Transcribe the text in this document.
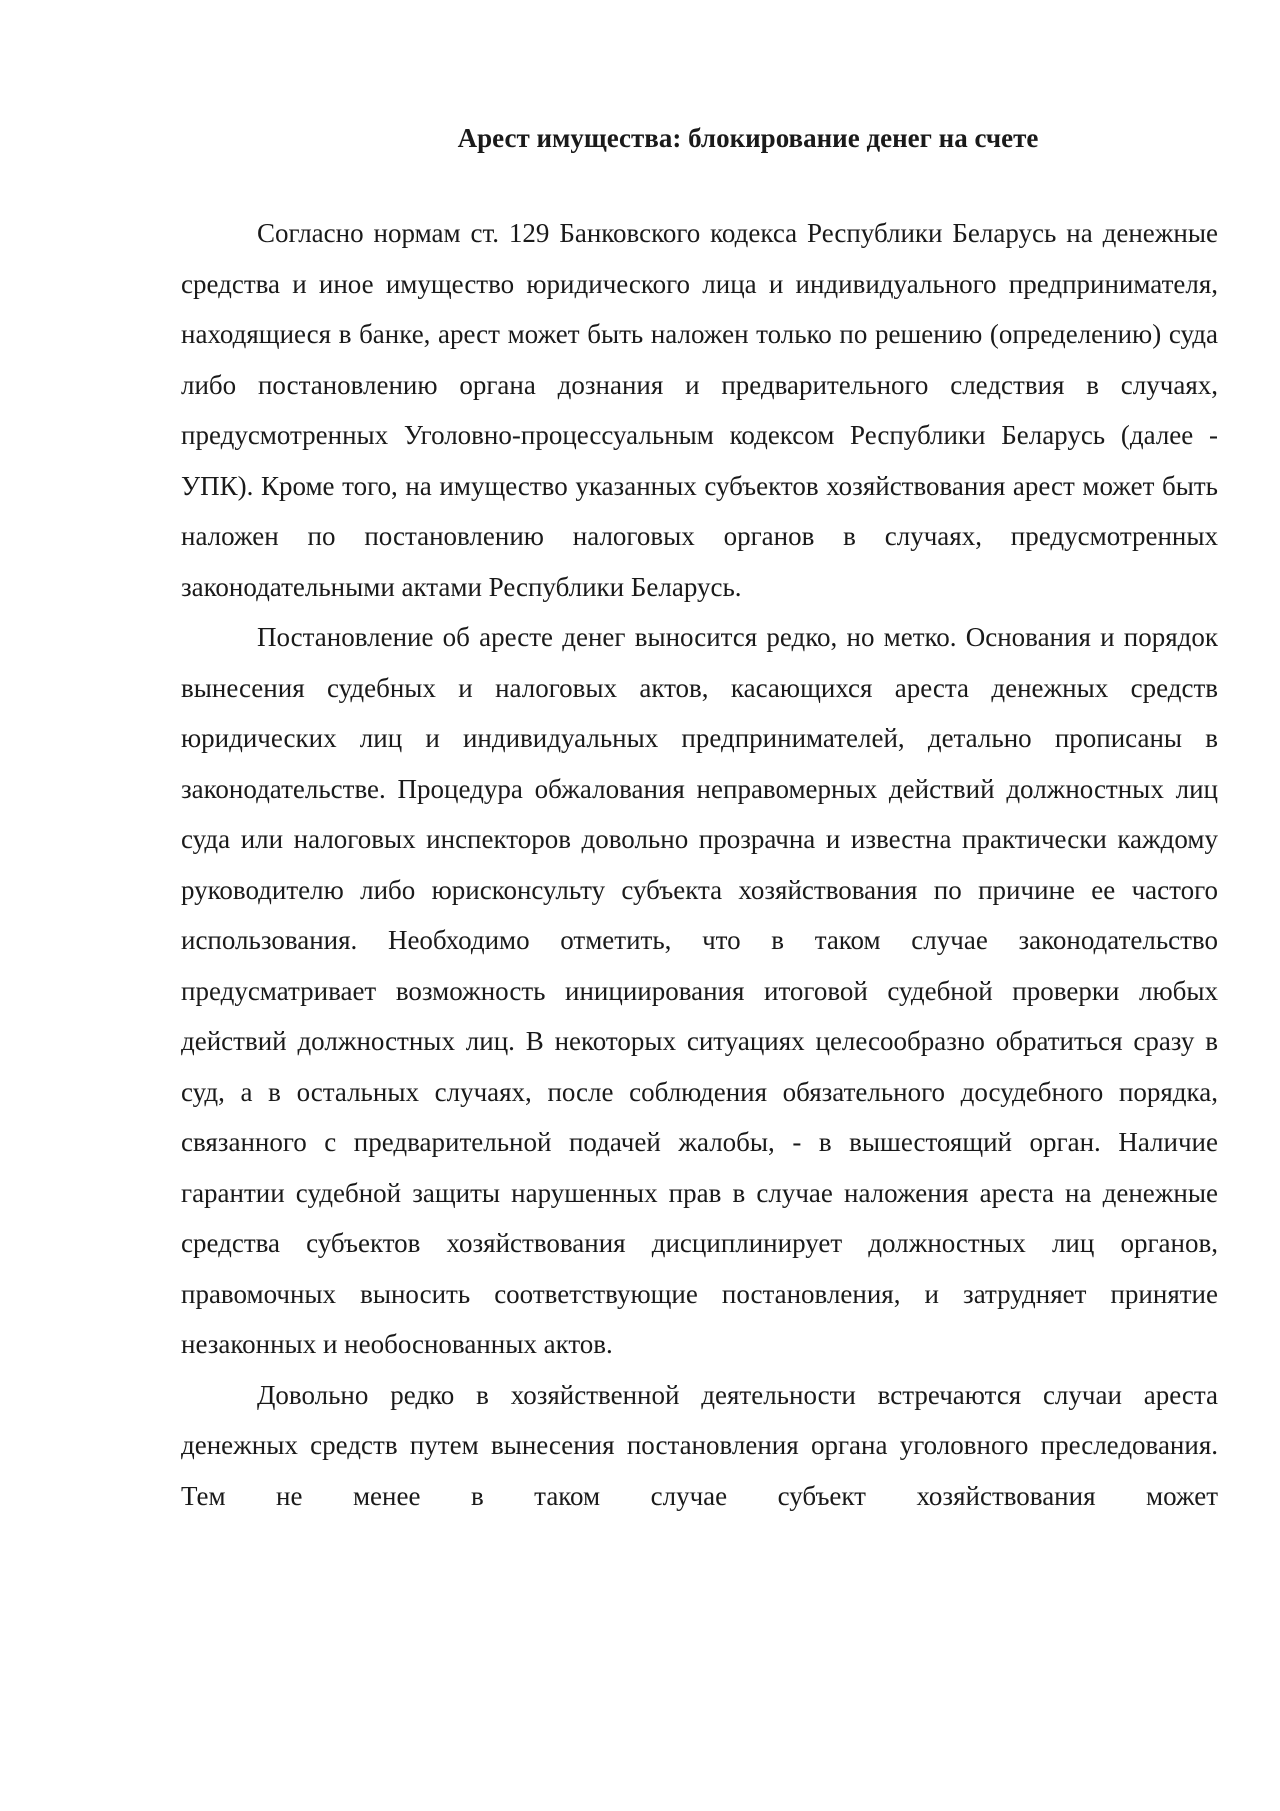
Арест имущества: блокирование денег на счете

Согласно нормам ст. 129 Банковского кодекса Республики Беларусь на денежные средства и иное имущество юридического лица и индивидуального предпринимателя, находящиеся в банке, арест может быть наложен только по решению (определению) суда либо постановлению органа дознания и предварительного следствия в случаях, предусмотренных Уголовно-процессуальным кодексом Республики Беларусь (далее - УПК). Кроме того, на имущество указанных субъектов хозяйствования арест может быть наложен по постановлению налоговых органов в случаях, предусмотренных законодательными актами Республики Беларусь.

Постановление об аресте денег выносится редко, но метко. Основания и порядок вынесения судебных и налоговых актов, касающихся ареста денежных средств юридических лиц и индивидуальных предпринимателей, детально прописаны в законодательстве. Процедура обжалования неправомерных действий должностных лиц суда или налоговых инспекторов довольно прозрачна и известна практически каждому руководителю либо юрисконсульту субъекта хозяйствования по причине ее частого использования. Необходимо отметить, что в таком случае законодательство предусматривает возможность инициирования итоговой судебной проверки любых действий должностных лиц. В некоторых ситуациях целесообразно обратиться сразу в суд, а в остальных случаях, после соблюдения обязательного досудебного порядка, связанного с предварительной подачей жалобы, - в вышестоящий орган. Наличие гарантии судебной защиты нарушенных прав в случае наложения ареста на денежные средства субъектов хозяйствования дисциплинирует должностных лиц органов, правомочных выносить соответствующие постановления, и затрудняет принятие незаконных и необоснованных актов.

Довольно редко в хозяйственной деятельности встречаются случаи ареста денежных средств путем вынесения постановления органа уголовного преследования. Тем не менее в таком случае субъект хозяйствования может
